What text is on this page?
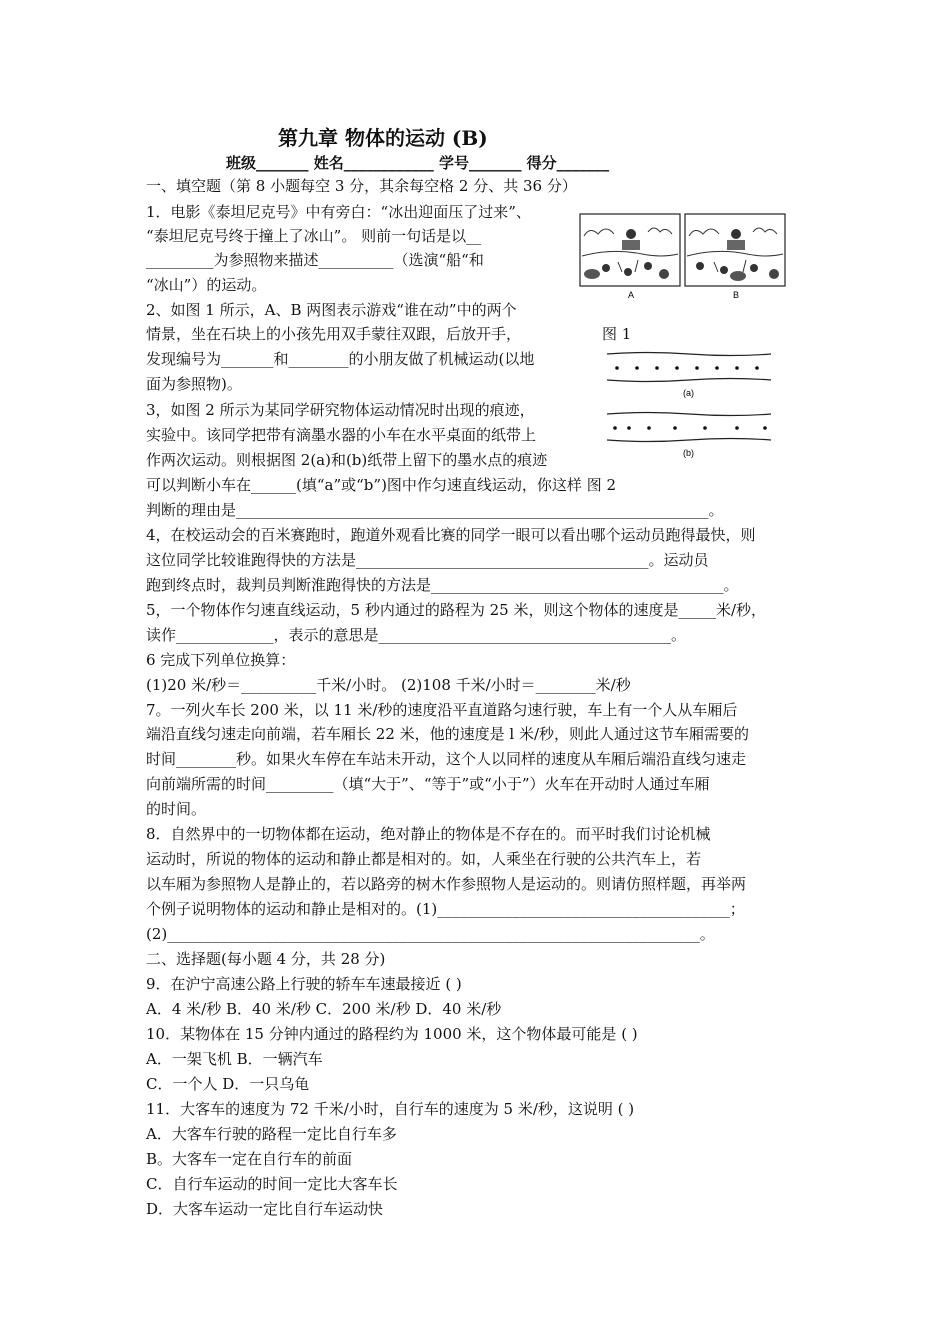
第九章 物体的运动 (B)
班级_______ 姓名____________ 学号_______ 得分_______
一、填空题（第 8 小题每空 3 分，其余每空格 2 分、共 36 分）
1．电影《泰坦尼克号》中有旁白：“冰出迎面压了过来”、
“泰坦尼克号终于撞上了冰山”。 则前一句话是以__
_________为参照物来描述__________（选演“船“和
“冰山”）的运动。
2、如图 1 所示，A、B 两图表示游戏“谁在动”中的两个
情景，坐在石块上的小孩先用双手蒙往双跟，后放开手，
发现编号为_______和________的小朋友做了机械运动(以地
面为参照物)。
3，如图 2 所示为某同学研究物体运动情况时出现的痕迹，
实验中。该同学把带有滴墨水器的小车在水平桌面的纸带上
作两次运动。则根据图 2(a)和(b)纸带上留下的墨水点的痕迹
可以判断小车在______(填“a”或“b”)图中作匀速直线运动，你这样 图 2
判断的理由是_______________________________________________________________。
4，在校运动会的百米赛跑时，跑道外观看比赛的同学一眼可以看出哪个运动员跑得最快，则
这位同学比较谁跑得快的方法是_______________________________________。运动员
跑到终点时，裁判员判断淮跑得快的方法是_______________________________________。
5，一个物体作匀速直线运动，5 秒内通过的路程为 25 米，则这个物体的速度是_____米/秒，
读作_____________，表示的意思是_______________________________________。
6 完成下列单位换算：
(1)20 米/秒＝__________千米/小时。 (2)108 千米/小时＝________米/秒
7。一列火车长 200 米，以 11 米/秒的速度沿平直道路匀速行驶，车上有一个人从车厢后
端沿直线匀速走向前端，若车厢长 22 米，他的速度是 l 米/秒，则此人通过这节车厢需要的
时间________秒。如果火车停在车站未开动，这个人以同样的速度从车厢后端沿直线匀速走
向前端所需的时间_________（填“大于”、“等于”或“小于”）火车在开动时人通过车厢
的时间。
8．自然界中的一切物体都在运动，绝对静止的物体是不存在的。而平时我们讨论机械
运动时，所说的物体的运动和静止都是相对的。如，人乘坐在行驶的公共汽车上，若
以车厢为参照物人是静止的，若以路旁的树木作参照物人是运动的。则请仿照样题，再举两
个例子说明物体的运动和静止是相对的。(1)_______________________________________；
(2)_______________________________________________________________________。
二、选择题(每小题 4 分，共 28 分)
9．在沪宁高速公路上行驶的轿车车速最接近 ( )
A．4 米/秒 B．40 米/秒 C．200 米/秒 D．40 米/秒
10．某物体在 15 分钟内通过的路程约为 1000 米，这个物体最可能是 ( )
A．一架飞机 B．一辆汽车
C．一个人 D．一只乌龟
11．大客车的速度为 72 千米/小时，自行车的速度为 5 米/秒，这说明 ( )
A．大客车行驶的路程一定比自行车多
B。大客车一定在自行车的前面
C．自行车运动的时间一定比大客车长
D．大客车运动一定比自行车运动快
A	B
图 1
(a)
(b)
